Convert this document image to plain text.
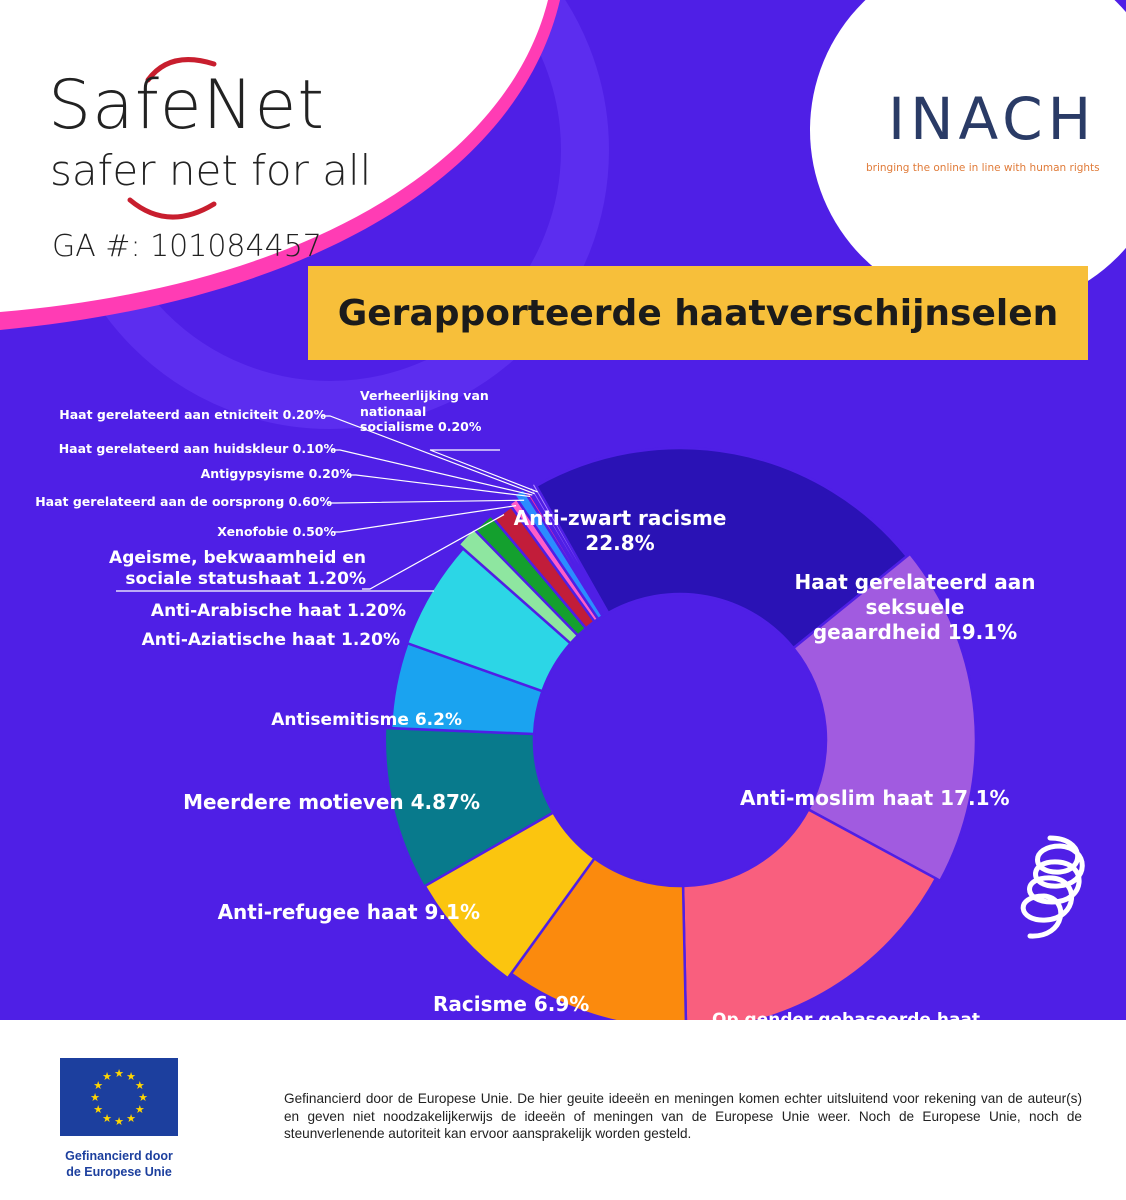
SafeNet
safer net for all
GA #: 101084457
INACH
bringing the online in line with human rights
Gerapporteerde haatverschijnselen
Anti-zwart racisme
22.8%
Haat gerelateerd aan
seksuele
geaardheid 19.1%
Anti-moslim haat 17.1%
Racisme 6.9%
Anti-refugee haat 9.1%
Meerdere motieven 4.87%
Antisemitisme 6.2%
Anti-Aziatische haat 1.20%
Anti-Arabische haat 1.20%
Ageisme, bekwaamheid en
sociale statushaat 1.20%
Xenofobie 0.50%
Haat gerelateerd aan de oorsprong 0.60%
Antigypsyisme 0.20%
Haat gerelateerd aan huidskleur 0.10%
Haat gerelateerd aan etniciteit 0.20%
Verheerlijking van
nationaal
socialisme 0.20%
★
★
★
★
★
★
★
★
★ ★ ★
★
Gefinancierd door
de Europese Unie
Gefinancierd door de Europese Unie. De hier geuite ideeën en meningen komen echter uitsluitend voor rekening van de auteur(s) en geven niet noodzakelijkerwijs de ideeën of meningen van de Europese Unie weer. Noch de Europese Unie, noch de steunverlenende autoriteit kan ervoor aansprakelijk worden gesteld.
